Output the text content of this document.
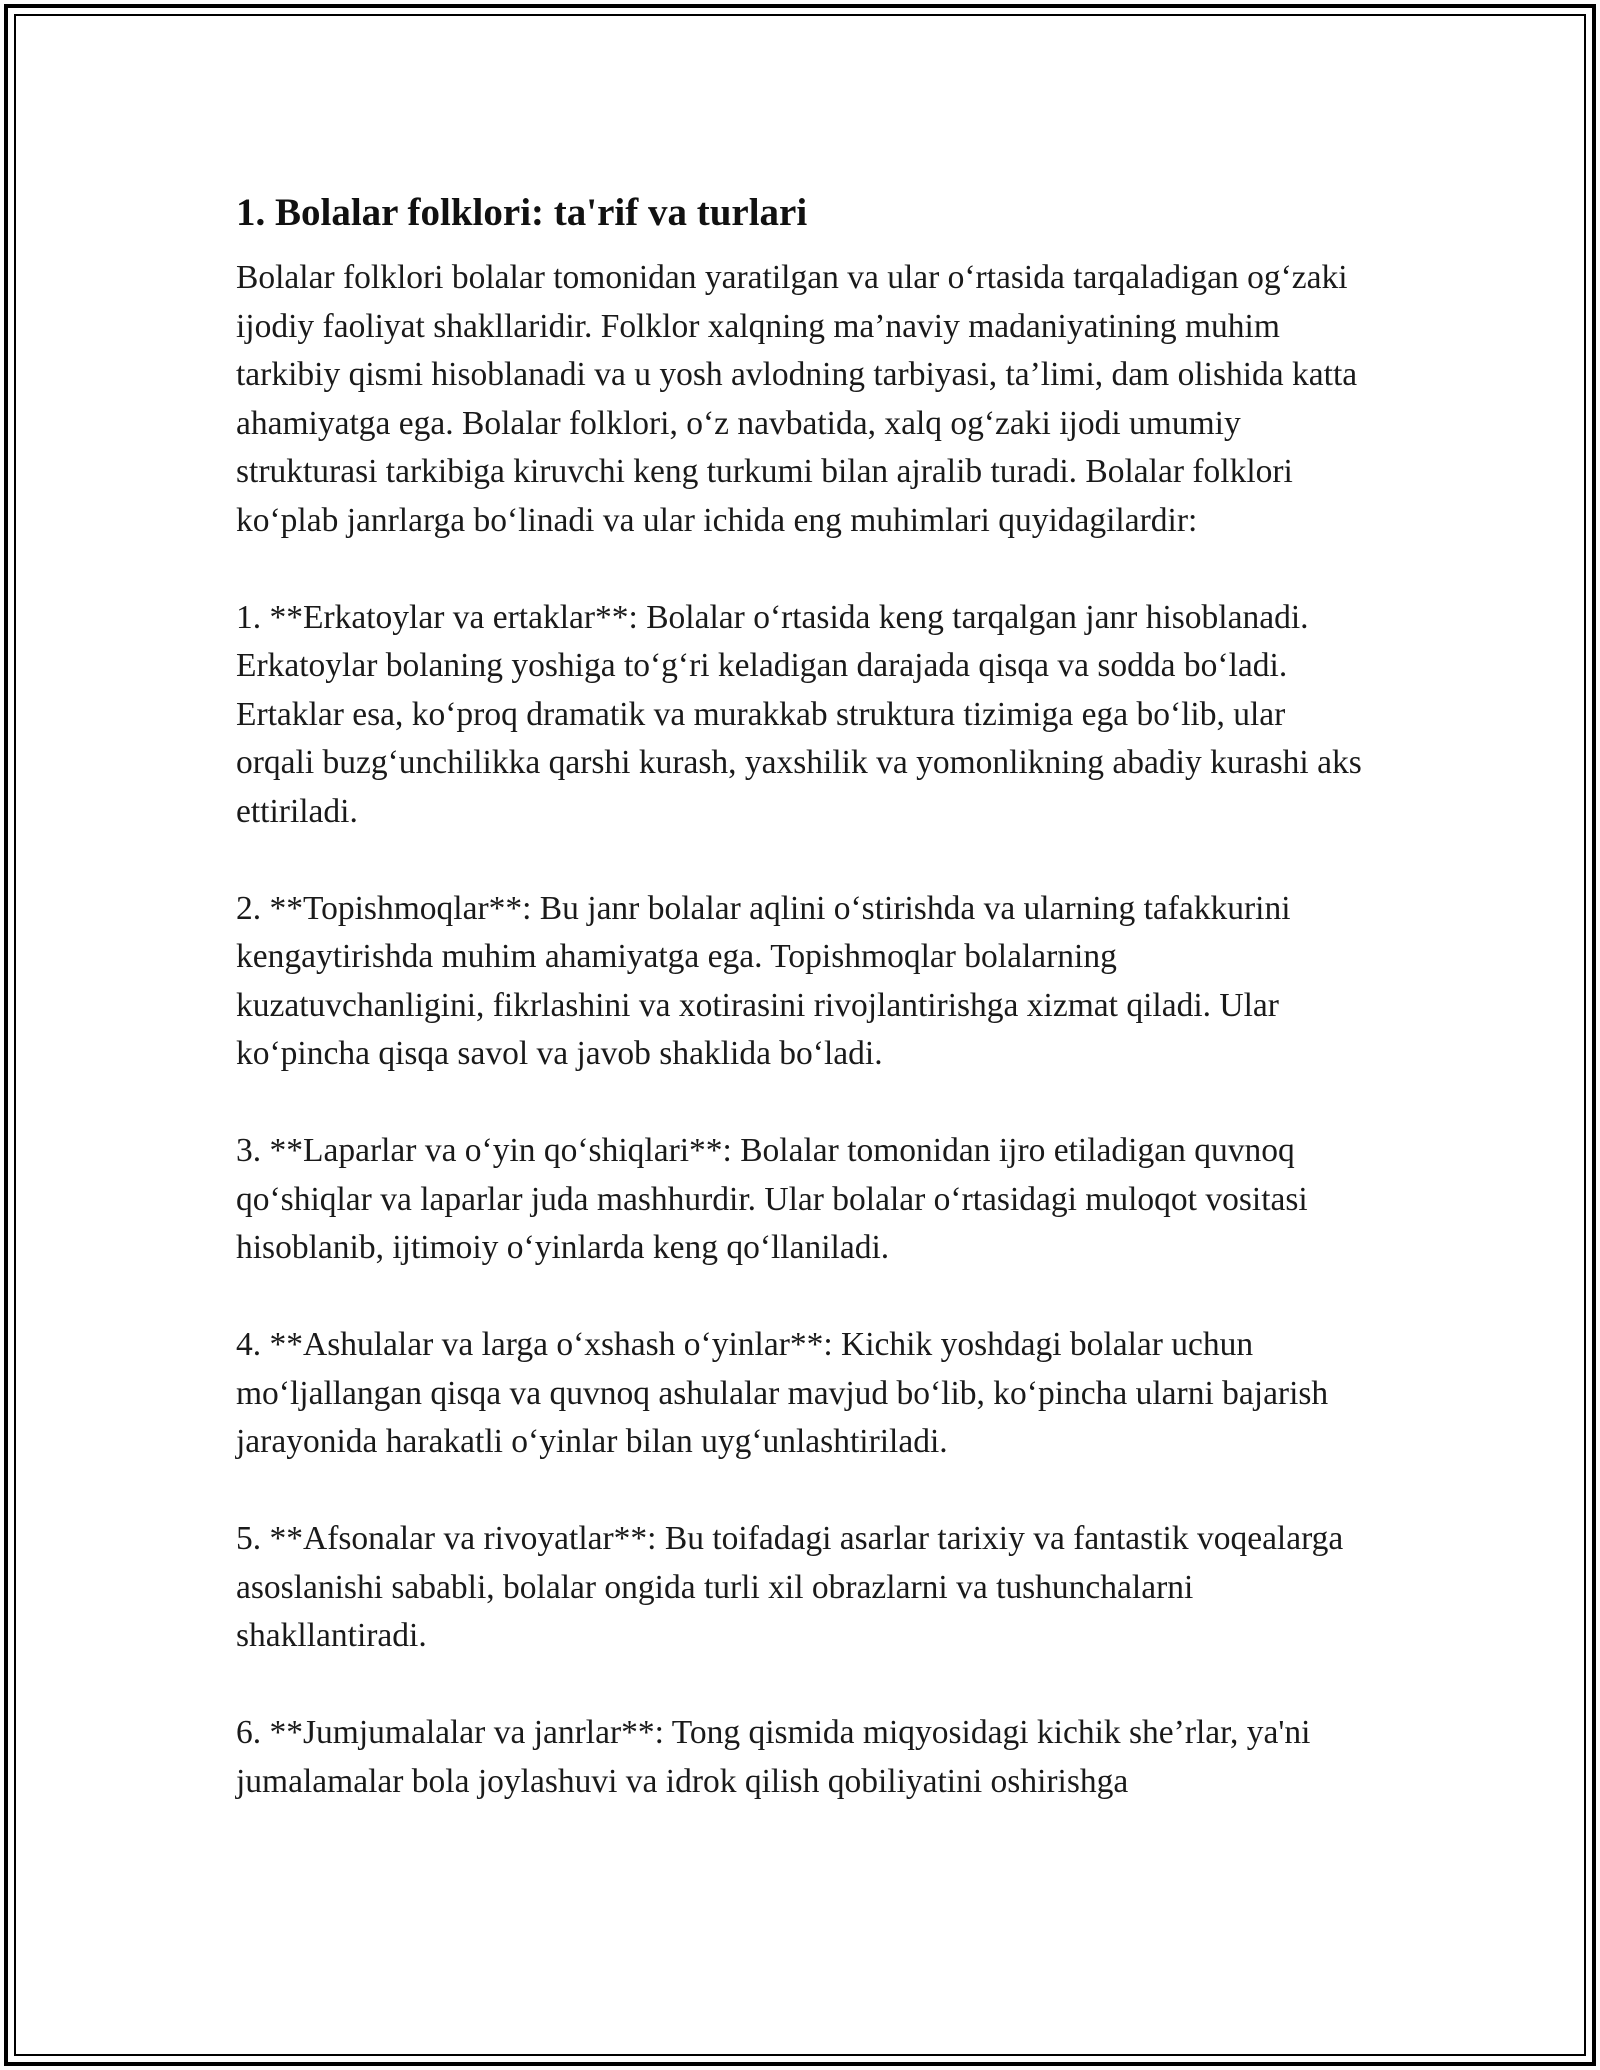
1. Bolalar folklori: ta'rif va turlari

Bolalar folklori bolalar tomonidan yaratilgan va ular o‘rtasida tarqaladigan og‘zaki ijodiy faoliyat shakllaridir. Folklor xalqning ma’naviy madaniyatining muhim tarkibiy qismi hisoblanadi va u yosh avlodning tarbiyasi, ta’limi, dam olishida katta ahamiyatga ega. Bolalar folklori, o‘z navbatida, xalq og‘zaki ijodi umumiy strukturasi tarkibiga kiruvchi keng turkumi bilan ajralib turadi. Bolalar folklori ko‘plab janrlarga bo‘linadi va ular ichida eng muhimlari quyidagilardir:

1. **Erkatoylar va ertaklar**: Bolalar o‘rtasida keng tarqalgan janr hisoblanadi. Erkatoylar bolaning yoshiga to‘g‘ri keladigan darajada qisqa va sodda bo‘ladi. Ertaklar esa, ko‘proq dramatik va murakkab struktura tizimiga ega bo‘lib, ular orqali buzg‘unchilikka qarshi kurash, yaxshilik va yomonlikning abadiy kurashi aks ettiriladi.

2. **Topishmoqlar**: Bu janr bolalar aqlini o‘stirishda va ularning tafakkurini kengaytirishda muhim ahamiyatga ega. Topishmoqlar bolalarning kuzatuvchanligini, fikrlashini va xotirasini rivojlantirishga xizmat qiladi. Ular ko‘pincha qisqa savol va javob shaklida bo‘ladi.

3. **Laparlar va o‘yin qo‘shiqlari**: Bolalar tomonidan ijro etiladigan quvnoq qo‘shiqlar va laparlar juda mashhurdir. Ular bolalar o‘rtasidagi muloqot vositasi hisoblanib, ijtimoiy o‘yinlarda keng qo‘llaniladi.

4. **Ashulalar va larga o‘xshash o‘yinlar**: Kichik yoshdagi bolalar uchun mo‘ljallangan qisqa va quvnoq ashulalar mavjud bo‘lib, ko‘pincha ularni bajarish jarayonida harakatli o‘yinlar bilan uyg‘unlashtiriladi.

5. **Afsonalar va rivoyatlar**: Bu toifadagi asarlar tarixiy va fantastik voqealarga asoslanishi sababli, bolalar ongida turli xil obrazlarni va tushunchalarni shakllantiradi.

6. **Jumjumalalar va janrlar**: Tong qismida miqyosidagi kichik she’rlar, ya'ni jumalamalar bola joylashuvi va idrok qilish qobiliyatini oshirishga
